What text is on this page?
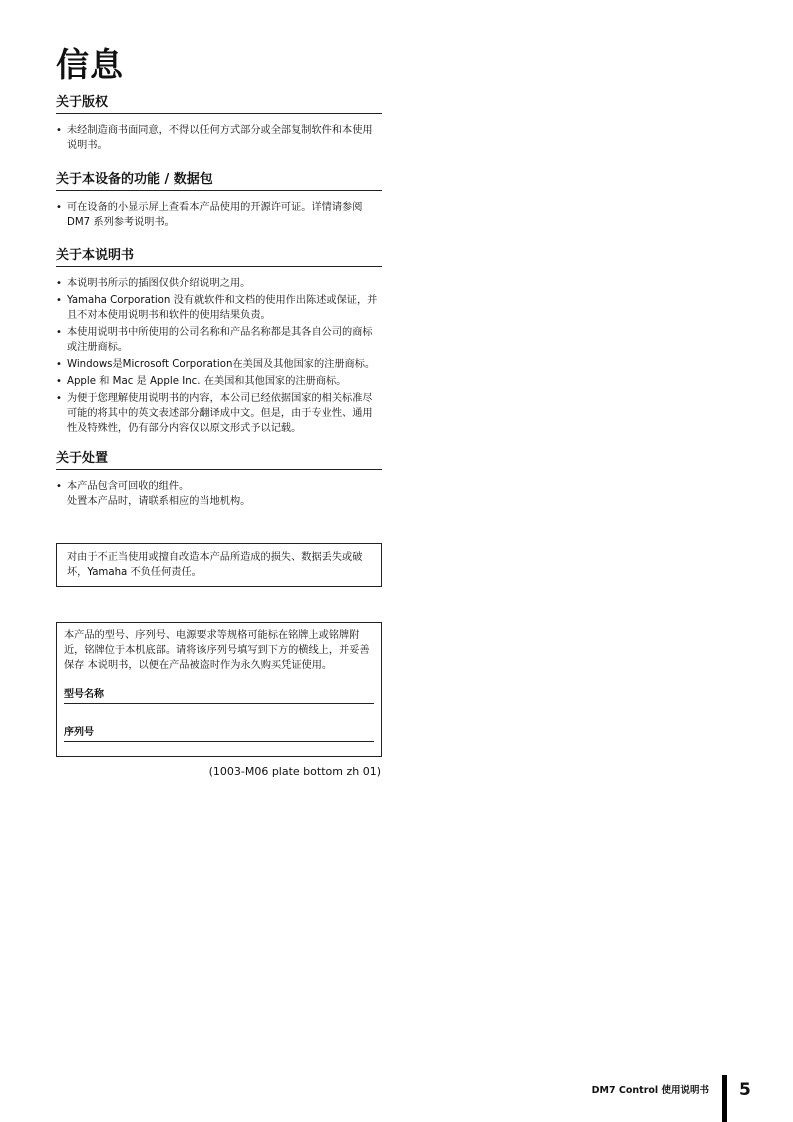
信息
关于版权
• 未经制造商书面同意，不得以任何方式部分或全部复制软件和本使用说明书。
关于本设备的功能 / 数据包
• 可在设备的小显示屏上查看本产品使用的开源许可证。详情请参阅 DM7 系列参考说明书。
关于本说明书
• 本说明书所示的插图仅供介绍说明之用。
• Yamaha Corporation 没有就软件和文档的使用作出陈述或保证，并且不对本使用说明书和软件的使用结果负责。
• 本使用说明书中所使用的公司名称和产品名称都是其各自公司的商标或注册商标。
• Windows是Microsoft Corporation在美国及其他国家的注册商标。
• Apple 和 Mac 是 Apple Inc. 在美国和其他国家的注册商标。
• 为便于您理解使用说明书的内容，本公司已经依据国家的相关标准尽可能的将其中的英文表述部分翻译成中文。但是，由于专业性、通用性及特殊性，仍有部分内容仅以原文形式予以记载。
关于处置
• 本产品包含可回收的组件。
处置本产品时，请联系相应的当地机构。
对由于不正当使用或擅自改造本产品所造成的损失、数据丢失或破坏，Yamaha 不负任何责任。

本产品的型号、序列号、电源要求等规格可能标在铭牌上或铭牌附近，铭牌位于本机底部。请将该序列号填写到下方的横线上，并妥善保存 本说明书，以便在产品被盗时作为永久购买凭证使用。

型号名称
序列号
(1003-M06 plate bottom zh 01)
DM7 Control 使用说明书 5
